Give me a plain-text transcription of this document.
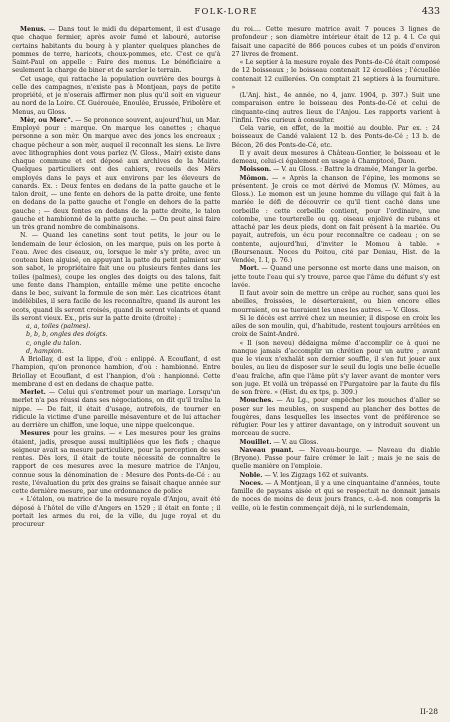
FOLK-LORE	433

Menus. — Dans tout le midi du département, il est d'usage que chaque fermier, après avoir fumé et labouré, autorise certains habitants du bourg à y planter quelques planches de pommes de terre, haricots, choux-pommes, etc. C'est ce qu'à Saint-Paul on appelle : Faire des menus. Le bénéficiaire a seulement la charge de biner et de sarcler le terrain.

Cet usage, qui rattache la population ouvrière des bourgs à celle des campagnes, n'existe pas à Montjean, pays de petite propriété, et je n'oserais affirmer non plus qu'il soit en vigueur au nord de la Loire. Cf. Guérouée, Enoulée, Erussée, Fribolère et Menus, au Gloss.

Mèr, ou Merc°. — Se prononce souvent, aujourd'hui, un Mar. Employé pour : marque. On marque les canettes ; chaque personne a son mèr. On marque avec des joncs les encreaux ; chaque pêcheur a son mèr, auquel il reconnaît les siens. Le livre avec lithographies dont vous parlez (V. Gloss., Mair) existe dans chaque commune et est déposé aux archives de la Mairie. Quelques particuliers ont des cahiers, recueils des Mèrs employés dans le pays et aux environs par les éleveurs de canards. Ex. : Deux fentes en dedans de la patte gauche et le talon droit, — une fente en dehors de la patte droite, une fente en dedans de la patte gauche et l'ongle en dehors de la patte gauche ; — deux fentes en dedans de la patte droite, le talon gauche et hambionné de la patte gauche. — On peut ainsi faire un très grand nombre de combinaisons.

N. — Quand les canetins sont tout petits, le jour ou le lendemain de leur éclosion, on les marque, puis on les porte à l'eau. Avec des ciseaux, ou, lorsque le mèr s'y prête, avec un couteau bien aiguisé, en appuyant la patte du petit palmient sur son sabot, le propriétaire fait une ou plusieurs fentes dans les toiles (palmes), coupe les ongles des doigts ou des talons, fait une fente dans l'hampion, entaille même une petite encoche dans le bec, suivant la formule de son mèr. Les cicatrices étant indélébiles, il sera facile de les reconnaître, quand ils auront les ecots, quand ils seront croisés, quand ils seront volants et quand ils seront vieux. Ex., pris sur la patte droite (droite) :

a, a, toiles (palmes).
b, b, b, ongles des doigts.
c, ongle du talon.
d, hampion.

A Briollay, d est la lippe, d'où : enlippé. A Ecouflant, d est l'hampion, qu'on prononce hambion, d'où : hambionné. Entre Briollay et Ecouflant, d est l'hanpion, d'où : hanpionné. Cette membrane d est en dedans de chaque patte.

Merlet. — Celui qui s'entremet pour un mariage. Lorsqu'un merlet n'a pas réussi dans ses négociations, on dit qu'il traîne la nippe. — De fait, il était d'usage, autrefois, de tourner en ridicule la victime d'une pareille mésaventure et de lui attacher au derrière un chiffon, une loque, une nippe quelconque.

Mesures pour les grains. — « Les mesures pour les grains étaient, jadis, presque aussi multipliées que les fiefs ; chaque seigneur avait sa mesure particulière, pour la perception de ses rentes. Dès lors, il était de toute nécessité de connaître le rapport de ces mesures avec la mesure matrice de l'Anjou, connue sous la dénomination de : Mesure des Ponts-de-Cé : au reste, l'évaluation du prix des grains se faisait chaque année sur cette dernière mesure, par une ordonnance de police

« L'étalon, ou matrice de la mesure royale d'Anjou, avait été déposé à l'hôtel de ville d'Angers en 1529 ; il était en fonte ; il portait les armes du roi, de la ville, du juge royal et du procureur

du roi.... Cette mesure matrice avait 7 pouces 3 lignes de profondeur ; son diamètre intérieur était de 12 p. 4 l. Ce qui faisait une capacité de 866 pouces cubes et un poids d'environ 27 livres de froment.

« Le septier à la mesure royale des Ponts-de-Cé était composé de 12 boisseaux ; le boisseau contenait 12 écuellées ; l'écuellée contenait 12 cuillerées. On comptait 21 septiers à la fourniture. »

(L'Anj. hist., 4e année, no 4, janv. 1904, p. 397.) Suit une comparaison entre le boisseau des Ponts-de-Cé et celui de cinquante-cinq autres lieux de l'Anjou. Les rapports varient à l'infini. Très curieux à consulter.

Cela varie, en effet, de la moitié au double. Par ex. : 24 boisseaux de Candé valaient 12 b. des Ponts-de-Cé ; 13 b. de Bécon, 26 des Ponts-de-Cé, etc.

Il y avait deux mesures à Château-Gontier, le boisseau et le demeau, celui-ci également en usage à Champtocé, Daon.

Moisson. — V. au Gloss. : Battre la dramée, Manger la gerbe.

Mômon. — « Après la chanson de l'épine, les momons se présentent. Je crois ce mot dérivé de Momus (V. Mômes, au Gloss.). Le momon est un jeune homme du village qui fait à la mariée le défi de découvrir ce qu'il tient caché dans une corbeille : cette corbeille contient, pour l'ordinaire, une colombe, une tourterelle ou qq. oiseau enjolivé de rubans et attaché par les deux pieds, dont on fait présent à la mariée. Ou payait, autrefois, un écu pour reconnaître ce cadeau ; on se contente, aujourd'hui, d'inviter le Momou à table. » (Boursenaux. Noces du Poitou, cité par Deniau, Hist. de la Vendée, I. I, p. 76.)

Mort. — Quand une personne est morte dans une maison, on jette toute l'eau qui s'y trouve, parce que l'âme du défunt s'y est lavée.

Il faut avoir soin de mettre un crêpe au rucher, sans quoi les abeilles, froissées, le déserteraient, ou bien encore elles mourraient, ou se tueraient les unes les autres. — V. Gloss.

Si le décès est arrivé chez un meunier, il dispose en croix les ailes de son moulin, qui, d'habitude, restent toujours arrêtées en croix de Saint-André.

« Il (son neveu) dédaigna même d'accomplir ce à quoi ne manque jamais d'accomplir un chrétien pour un autre ; avant que le vieux n'exhalât son dernier souffle, il s'en fut jouer aux boules, au lieu de disposer sur le seuil du logis une belle écuelle d'eau fraîche, afin que l'âme pût s'y laver avant de monter vers son juge. Et voilà un trépassé en l'Purgatoire par la faute du fils de son frère. » (Hist. du ex tps, p. 309.)

Mouches. — Au Lg., pour empêcher les mouches d'aller se poser sur les meubles, on suspend au plancher des bottes de fougères, dans lesquelles les insectes vont de préférence se réfugier. Pour les y attirer davantage, on y introduit souvent un morceau de sucre.

Mouillet. — V. au Gloss.

Naveau puant. — Naveau-bourge. — Naveau du diable (Bryone). Passe pour faire crémer le lait ; mais je ne sais de quelle manière on l'emploie.

Noble. — V. les Zigzags 162 et suivants.

Noces. — A Montjean, il y a une cinquantaine d'années, toute famille de paysans aisée et qui se respectait ne donnait jamais de noces de moins de deux jours francs, c.-à-d. non compris la veille, où le festin commençait déjà, ni le surlendemain,

II-28
